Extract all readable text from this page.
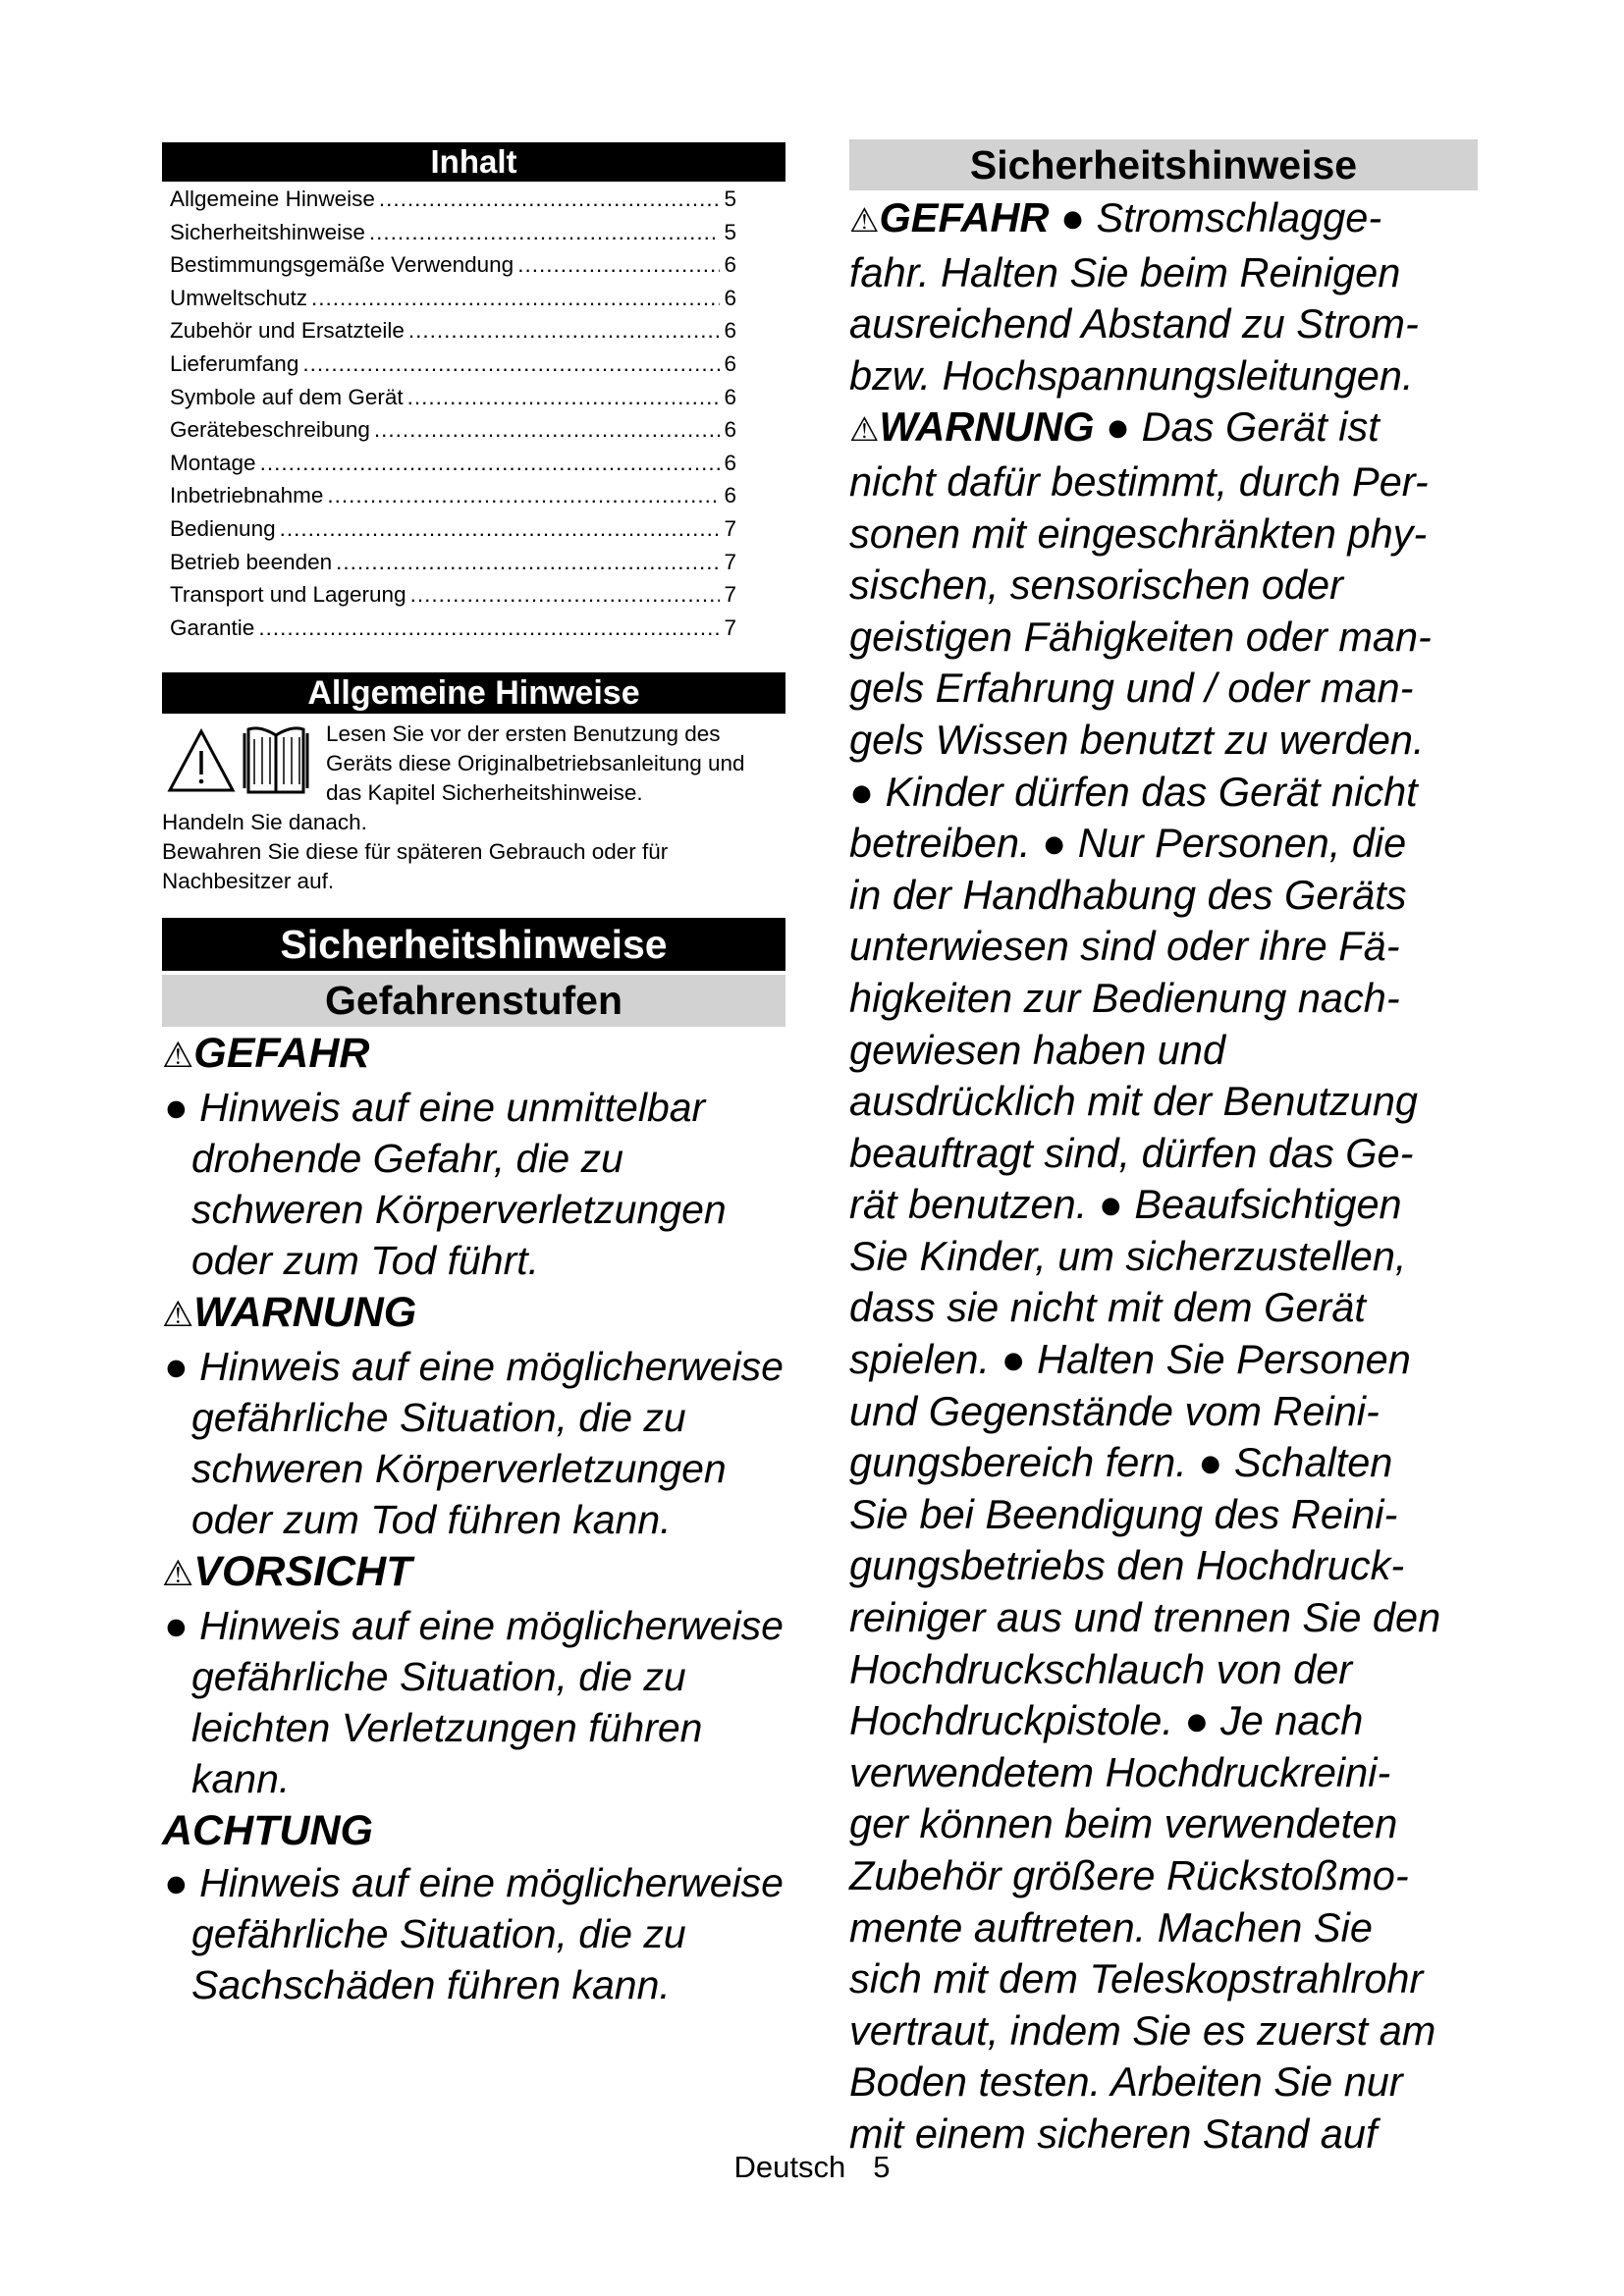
Inhalt
Allgemeine Hinweise .....	5
Sicherheitshinweise .....	5
Bestimmungsgemäße Verwendung .....	6
Umweltschutz .....	6
Zubehör und Ersatzteile .....	6
Lieferumfang .....	6
Symbole auf dem Gerät .....	6
Gerätebeschreibung .....	6
Montage .....	6
Inbetriebnahme .....	6
Bedienung .....	7
Betrieb beenden .....	7
Transport und Lagerung .....	7
Garantie .....	7
Allgemeine Hinweise
Lesen Sie vor der ersten Benutzung des Geräts diese Originalbetriebsanleitung und das Kapitel Sicherheitshinweise.
Handeln Sie danach.
Bewahren Sie diese für späteren Gebrauch oder für Nachbesitzer auf.
Sicherheitshinweise
Gefahrenstufen
⚠GEFAHR

● Hinweis auf eine unmittelbar drohende Gefahr, die zu schweren Körperverletzungen oder zum Tod führt.

⚠WARNUNG

● Hinweis auf eine möglicherweise gefährliche Situation, die zu schweren Körperverletzungen oder zum Tod führen kann.

⚠VORSICHT

● Hinweis auf eine möglicherweise gefährliche Situation, die zu leichten Verletzungen führen kann.

ACHTUNG

● Hinweis auf eine möglicherweise gefährliche Situation, die zu Sachschäden führen kann.

Sicherheitshinweise
⚠GEFAHR ● Stromschlagge-
fahr. Halten Sie beim Reinigen
ausreichend Abstand zu Strom-
bzw. Hochspannungsleitungen.
⚠WARNUNG ● Das Gerät ist
nicht dafür bestimmt, durch Per-
sonen mit eingeschränkten phy-
sischen, sensorischen oder
geistigen Fähigkeiten oder man-
gels Erfahrung und / oder man-
gels Wissen benutzt zu werden.
● Kinder dürfen das Gerät nicht
betreiben. ● Nur Personen, die
in der Handhabung des Geräts
unterwiesen sind oder ihre Fä-
higkeiten zur Bedienung nach-
gewiesen haben und
ausdrücklich mit der Benutzung
beauftragt sind, dürfen das Ge-
rät benutzen. ● Beaufsichtigen
Sie Kinder, um sicherzustellen,
dass sie nicht mit dem Gerät
spielen. ● Halten Sie Personen
und Gegenstände vom Reini-
gungsbereich fern. ● Schalten
Sie bei Beendigung des Reini-
gungsbetriebs den Hochdruck-
reiniger aus und trennen Sie den
Hochdruckschlauch von der
Hochdruckpistole. ● Je nach
verwendetem Hochdruckreini-
ger können beim verwendeten
Zubehör größere Rückstoßmo-
mente auftreten. Machen Sie
sich mit dem Teleskopstrahlrohr
vertraut, indem Sie es zuerst am
Boden testen. Arbeiten Sie nur
mit einem sicheren Stand auf
Deutsch 5
